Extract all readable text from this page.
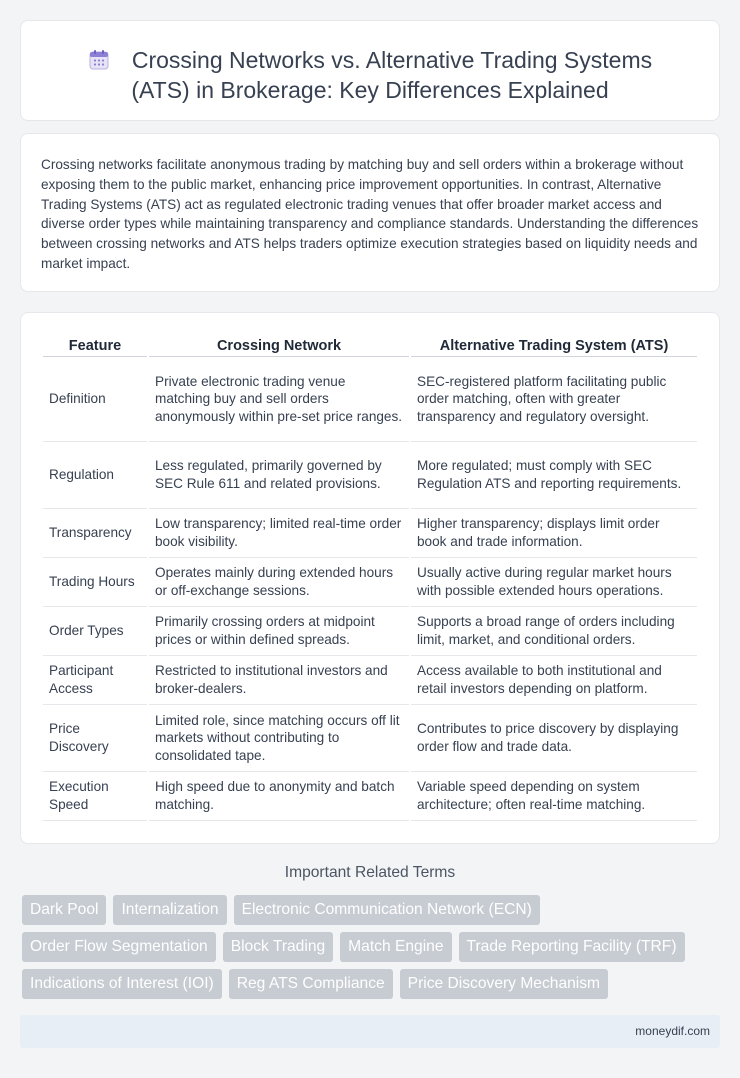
Crossing Networks vs. Alternative Trading Systems
(ATS) in Brokerage: Key Differences Explained

Crossing networks facilitate anonymous trading by matching buy and sell orders within a brokerage without exposing them to the public market, enhancing price improvement opportunities. In contrast, Alternative Trading Systems (ATS) act as regulated electronic trading venues that offer broader market access and diverse order types while maintaining transparency and compliance standards. Understanding the differences between crossing networks and ATS helps traders optimize execution strategies based on liquidity needs and market impact.

Feature	Crossing Network	Alternative Trading System (ATS)
Definition	Private electronic trading venue matching buy and sell orders anonymously within pre-set price ranges.	SEC-registered platform facilitating public order matching, often with greater transparency and regulatory oversight.
Regulation	Less regulated, primarily governed by SEC Rule 611 and related provisions.	More regulated; must comply with SEC Regulation ATS and reporting requirements.
Transparency	Low transparency; limited real-time order book visibility.	Higher transparency; displays limit order book and trade information.
Trading Hours	Operates mainly during extended hours or off-exchange sessions.	Usually active during regular market hours with possible extended hours operations.
Order Types	Primarily crossing orders at midpoint prices or within defined spreads.	Supports a broad range of orders including limit, market, and conditional orders.
Participant Access	Restricted to institutional investors and broker-dealers.	Access available to both institutional and retail investors depending on platform.
Price Discovery	Limited role, since matching occurs off lit markets without contributing to consolidated tape.	Contributes to price discovery by displaying order flow and trade data.
Execution Speed	High speed due to anonymity and batch matching.	Variable speed depending on system architecture; often real-time matching.
Important Related Terms
Dark Pool	Internalization	Electronic Communication Network (ECN)
Order Flow Segmentation	Block Trading	Match Engine	Trade Reporting Facility (TRF)
Indications of Interest (IOI)	Reg ATS Compliance	Price Discovery Mechanism
moneydif.com
